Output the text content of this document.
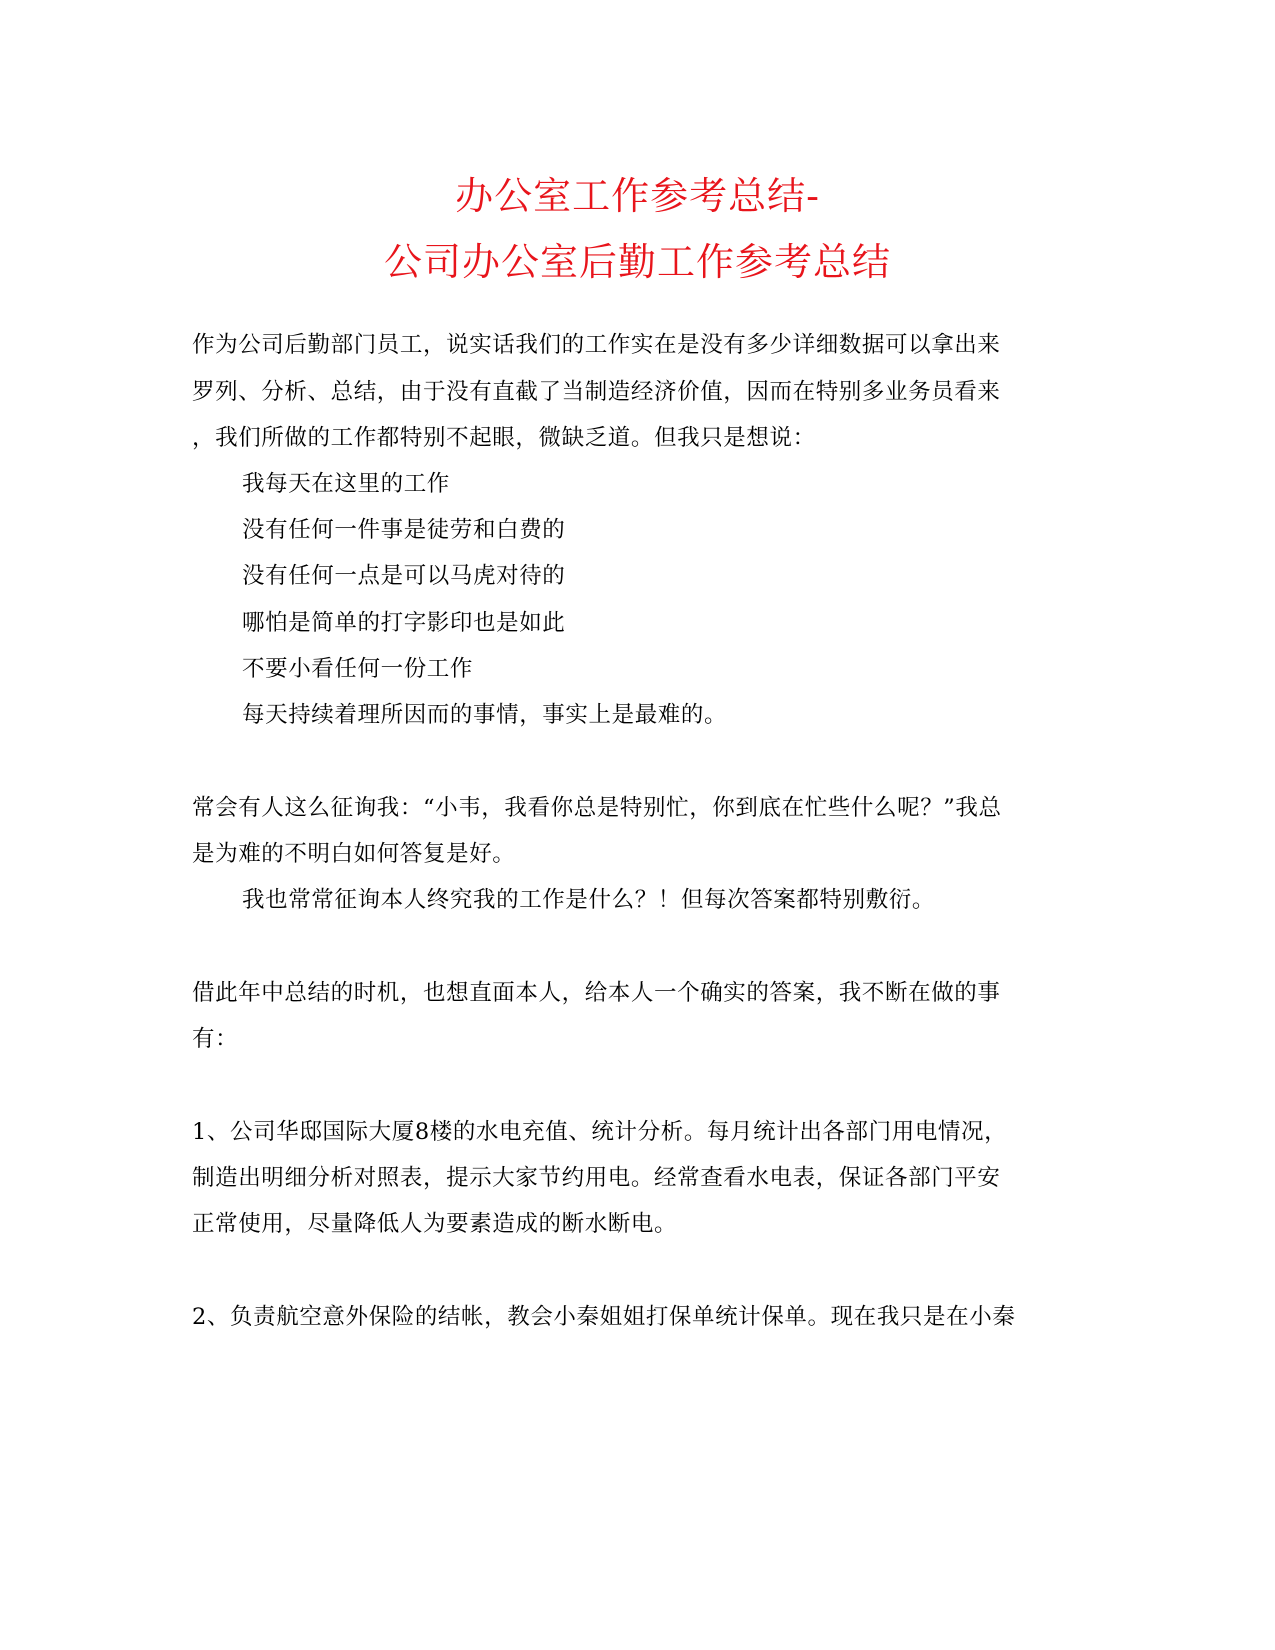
办公室工作参考总结-
公司办公室后勤工作参考总结
作为公司后勤部门员工，说实话我们的工作实在是没有多少详细数据可以拿出来
罗列、分析、总结，由于没有直截了当制造经济价值，因而在特别多业务员看来
，我们所做的工作都特别不起眼，微缺乏道。但我只是想说：
我每天在这里的工作
没有任何一件事是徒劳和白费的
没有任何一点是可以马虎对待的
哪怕是简单的打字影印也是如此
不要小看任何一份工作
每天持续着理所因而的事情，事实上是最难的。
常会有人这么征询我：“小韦，我看你总是特别忙，你到底在忙些什么呢？”我总
是为难的不明白如何答复是好。
我也常常征询本人终究我的工作是什么？！但每次答案都特别敷衍。
借此年中总结的时机，也想直面本人，给本人一个确实的答案，我不断在做的事
有：
1、公司华邸国际大厦8楼的水电充值、统计分析。每月统计出各部门用电情况，
制造出明细分析对照表，提示大家节约用电。经常查看水电表，保证各部门平安
正常使用，尽量降低人为要素造成的断水断电。
2、负责航空意外保险的结帐，教会小秦姐姐打保单统计保单。现在我只是在小秦
